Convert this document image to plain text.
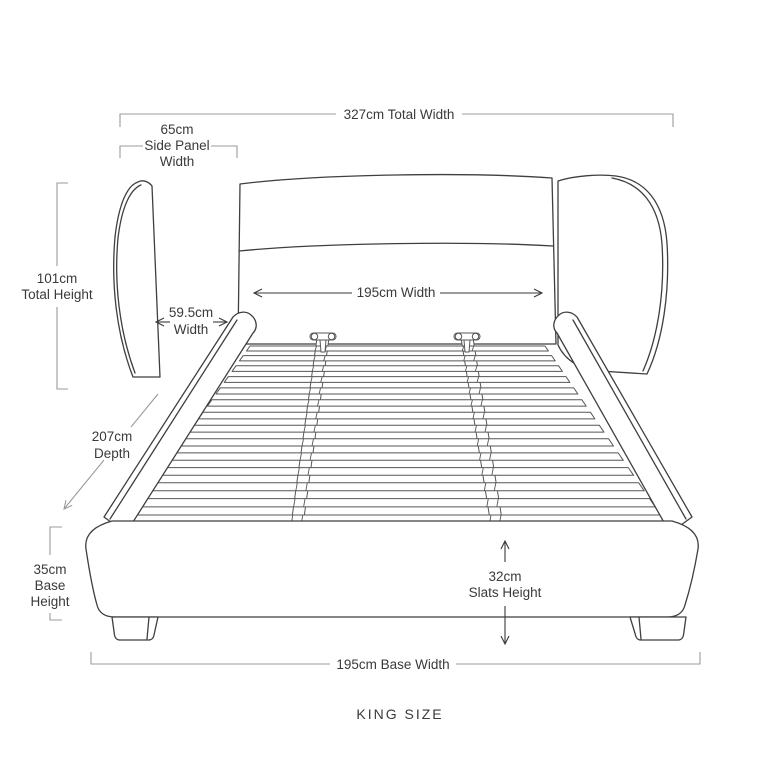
327cm Total Width
65cm
Side Panel
Width
101cm
Total Height	195cm Width
59.5cm
Width
207cm
Depth
35cm
Base
Height
32cm
Slats Height
195cm Base Width
KING SIZE
